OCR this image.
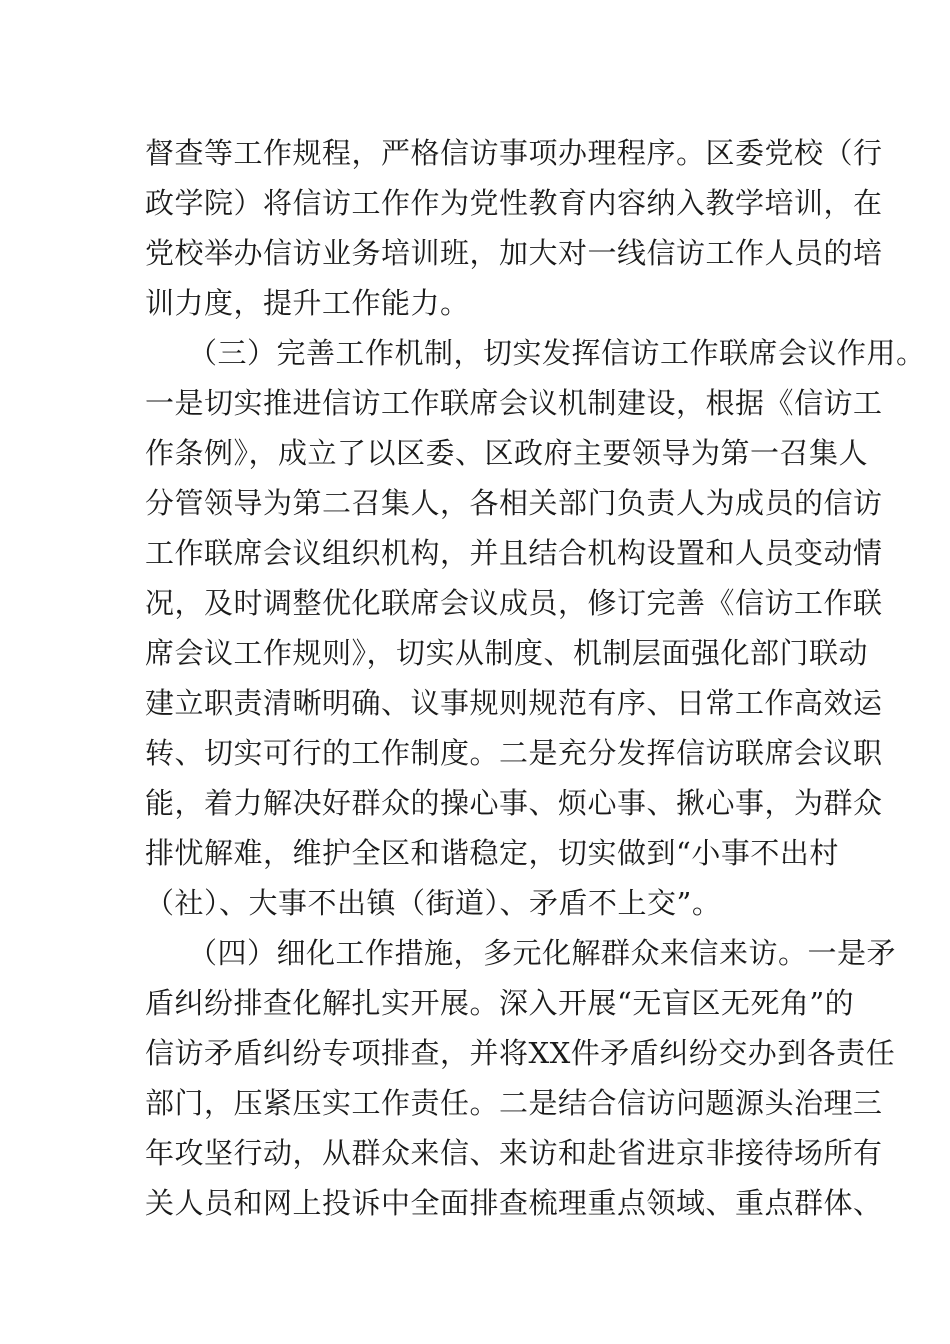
督查等工作规程，严格信访事项办理程序。区委党校（行
政学院）将信访工作作为党性教育内容纳入教学培训，在
党校举办信访业务培训班，加大对一线信访工作人员的培
训力度，提升工作能力。
（三）完善工作机制，切实发挥信访工作联席会议作用。
一是切实推进信访工作联席会议机制建设，根据《信访工
作条例》，成立了以区委、区政府主要领导为第一召集人
分管领导为第二召集人，各相关部门负责人为成员的信访
工作联席会议组织机构，并且结合机构设置和人员变动情
况，及时调整优化联席会议成员，修订完善《信访工作联
席会议工作规则》，切实从制度、机制层面强化部门联动
建立职责清晰明确、议事规则规范有序、日常工作高效运
转、切实可行的工作制度。二是充分发挥信访联席会议职
能，着力解决好群众的操心事、烦心事、揪心事，为群众
排忧解难，维护全区和谐稳定，切实做到“小事不出村
（社）、大事不出镇（街道）、矛盾不上交”。
（四）细化工作措施，多元化解群众来信来访。一是矛
盾纠纷排查化解扎实开展。深入开展“无盲区无死角”的
信访矛盾纠纷专项排查，并将XX件矛盾纠纷交办到各责任
部门，压紧压实工作责任。二是结合信访问题源头治理三
年攻坚行动，从群众来信、来访和赴省进京非接待场所有
关人员和网上投诉中全面排查梳理重点领域、重点群体、
